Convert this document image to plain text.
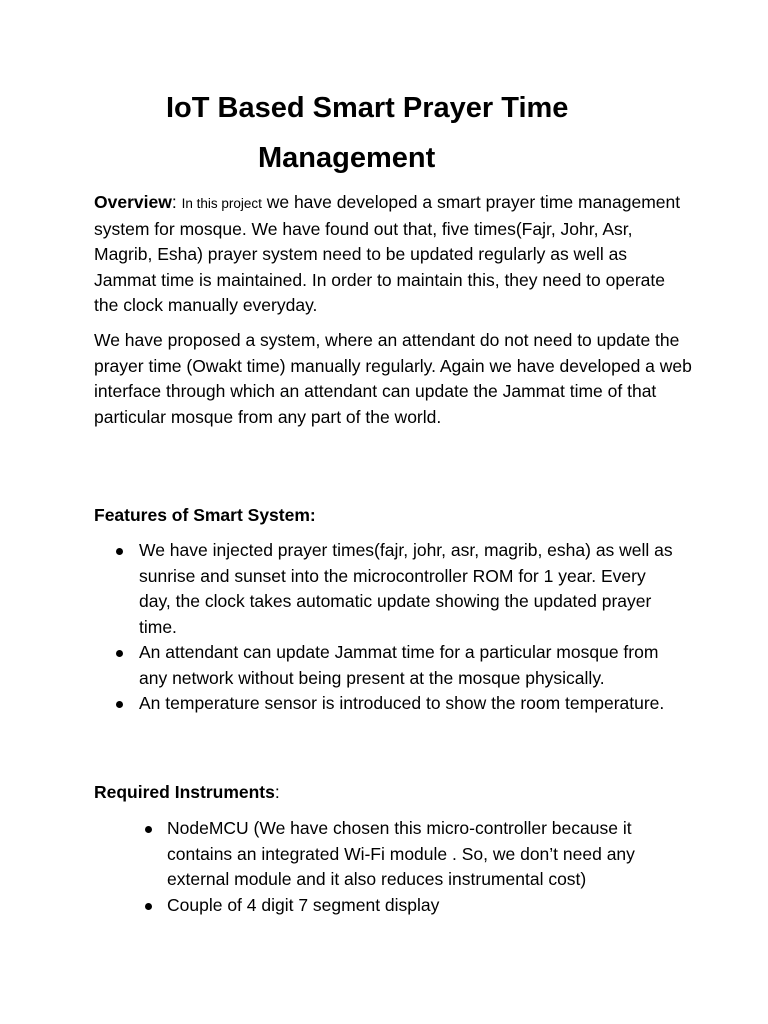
IoT Based Smart Prayer Time
Management
Overview: In this project we have developed a smart prayer time management system for mosque. We have found out that, five times(Fajr, Johr, Asr, Magrib, Esha) prayer system need to be updated regularly as well as Jammat time is maintained. In order to maintain this, they need to operate the clock manually everyday.
We have proposed a system, where an attendant do not need to update the prayer time (Owakt time) manually regularly. Again we have developed a web interface through which an attendant can update the Jammat time of that particular mosque from any part of the world.
Features of Smart System:
We have injected prayer times(fajr, johr, asr, magrib, esha) as well as sunrise and sunset into the microcontroller ROM for 1 year. Every day, the clock takes automatic update showing the updated prayer time.
An attendant can update Jammat time for a particular mosque from any network without being present at the mosque physically.
An temperature sensor is introduced to show the room temperature.
Required Instruments:
NodeMCU (We have chosen this micro-controller because it contains an integrated Wi-Fi module . So, we don’t need any external module and it also reduces instrumental cost)
Couple of 4 digit 7 segment display
